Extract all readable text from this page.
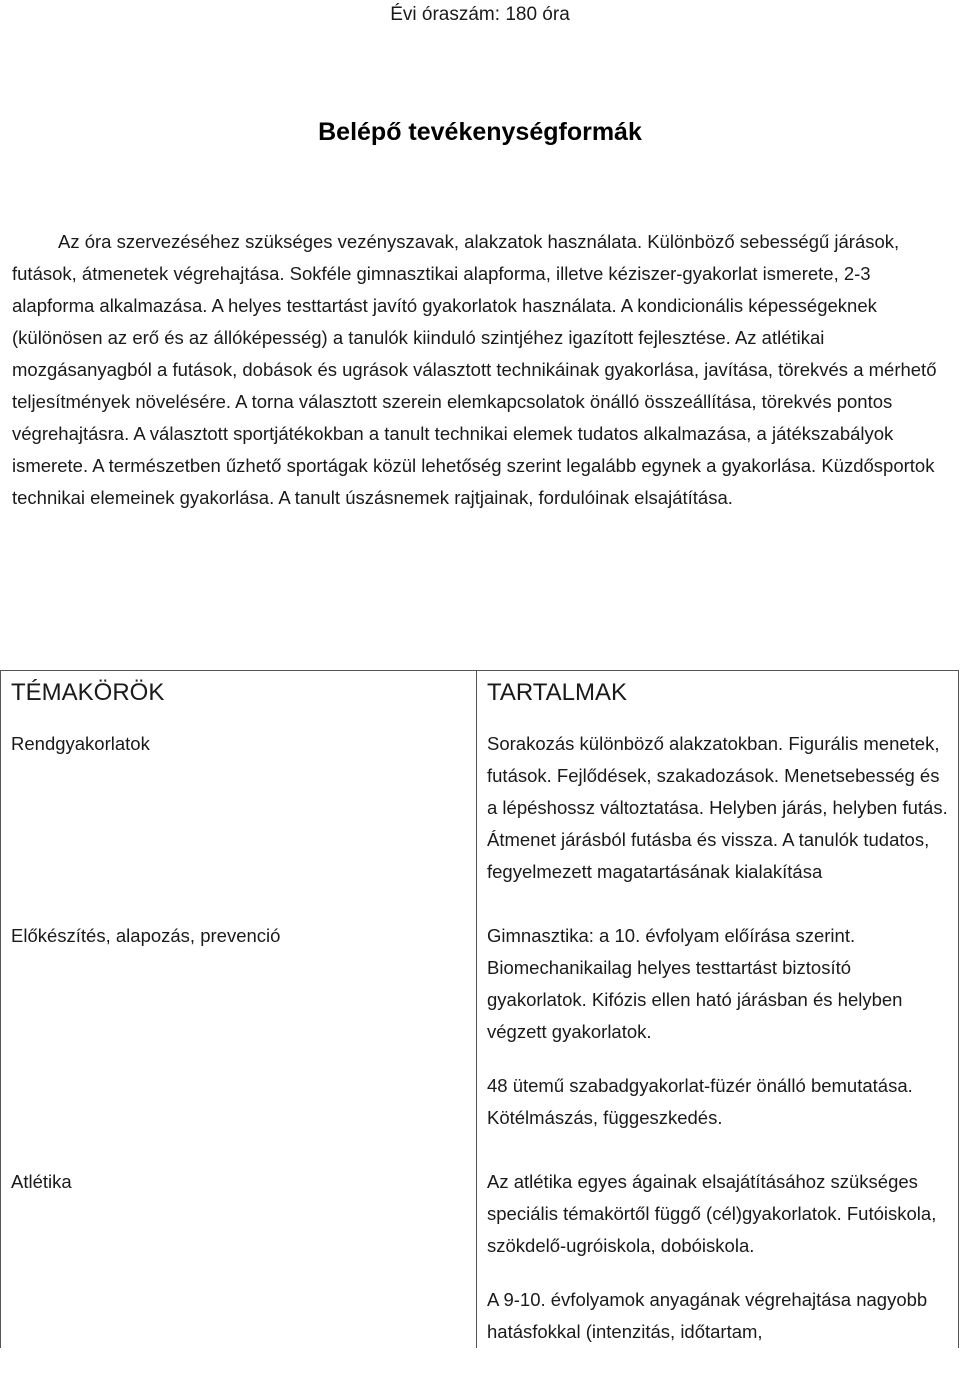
Évi óraszám: 180 óra
Belépő tevékenységformák

Az óra szervezéséhez szükséges vezényszavak, alakzatok használata. Különböző sebességű járások, futások, átmenetek végrehajtása. Sokféle gimnasztikai alapforma, illetve kéziszer-gyakorlat ismerete, 2-3 alapforma alkalmazása. A helyes testtartást javító gyakorlatok használata. A kondicionális képességeknek (különösen az erő és az állóképesség) a tanulók kiinduló szintjéhez igazított fejlesztése. Az atlétikai mozgásanyagból a futások, dobások és ugrások választott technikáinak gyakorlása, javítása, törekvés a mérhető teljesítmények növelésére. A torna választott szerein elemkapcsolatok önálló összeállítása, törekvés pontos végrehajtásra. A választott sportjátékokban a tanult technikai elemek tudatos alkalmazása, a játékszabályok ismerete. A természetben űzhető sportágak közül lehetőség szerint legalább egynek a gyakorlása. Küzdősportok technikai elemeinek gyakorlása. A tanult úszásnemek rajtjainak, fordulóinak elsajátítása.

TÉMAKÖRÖK	TARTALMAK
Rendgyakorlatok	Sorakozás különböző alakzatokban. Figurális menetek, futások. Fejlődések, szakadozások. Menetsebesség és a lépéshossz változtatása. Helyben járás, helyben futás. Átmenet járásból futásba és vissza. A tanulók tudatos, fegyelmezett magatartásának kialakítása

Előkészítés, alapozás, prevenció	Gimnasztika: a 10. évfolyam előírása szerint. Biomechanikailag helyes testtartást biztosító gyakorlatok. Kifózis ellen ható járásban és helyben végzett gyakorlatok.

48 ütemű szabadgyakorlat-füzér önálló bemutatása. Kötélmászás, függeszkedés.

Atlétika	Az atlétika egyes ágainak elsajátításához szükséges speciális témakörtől függő (cél)gyakorlatok. Futóiskola, szökdelő-ugróiskola, dobóiskola.

A 9-10. évfolyamok anyagának végrehajtása nagyobb hatásfokkal (intenzitás, időtartam,
